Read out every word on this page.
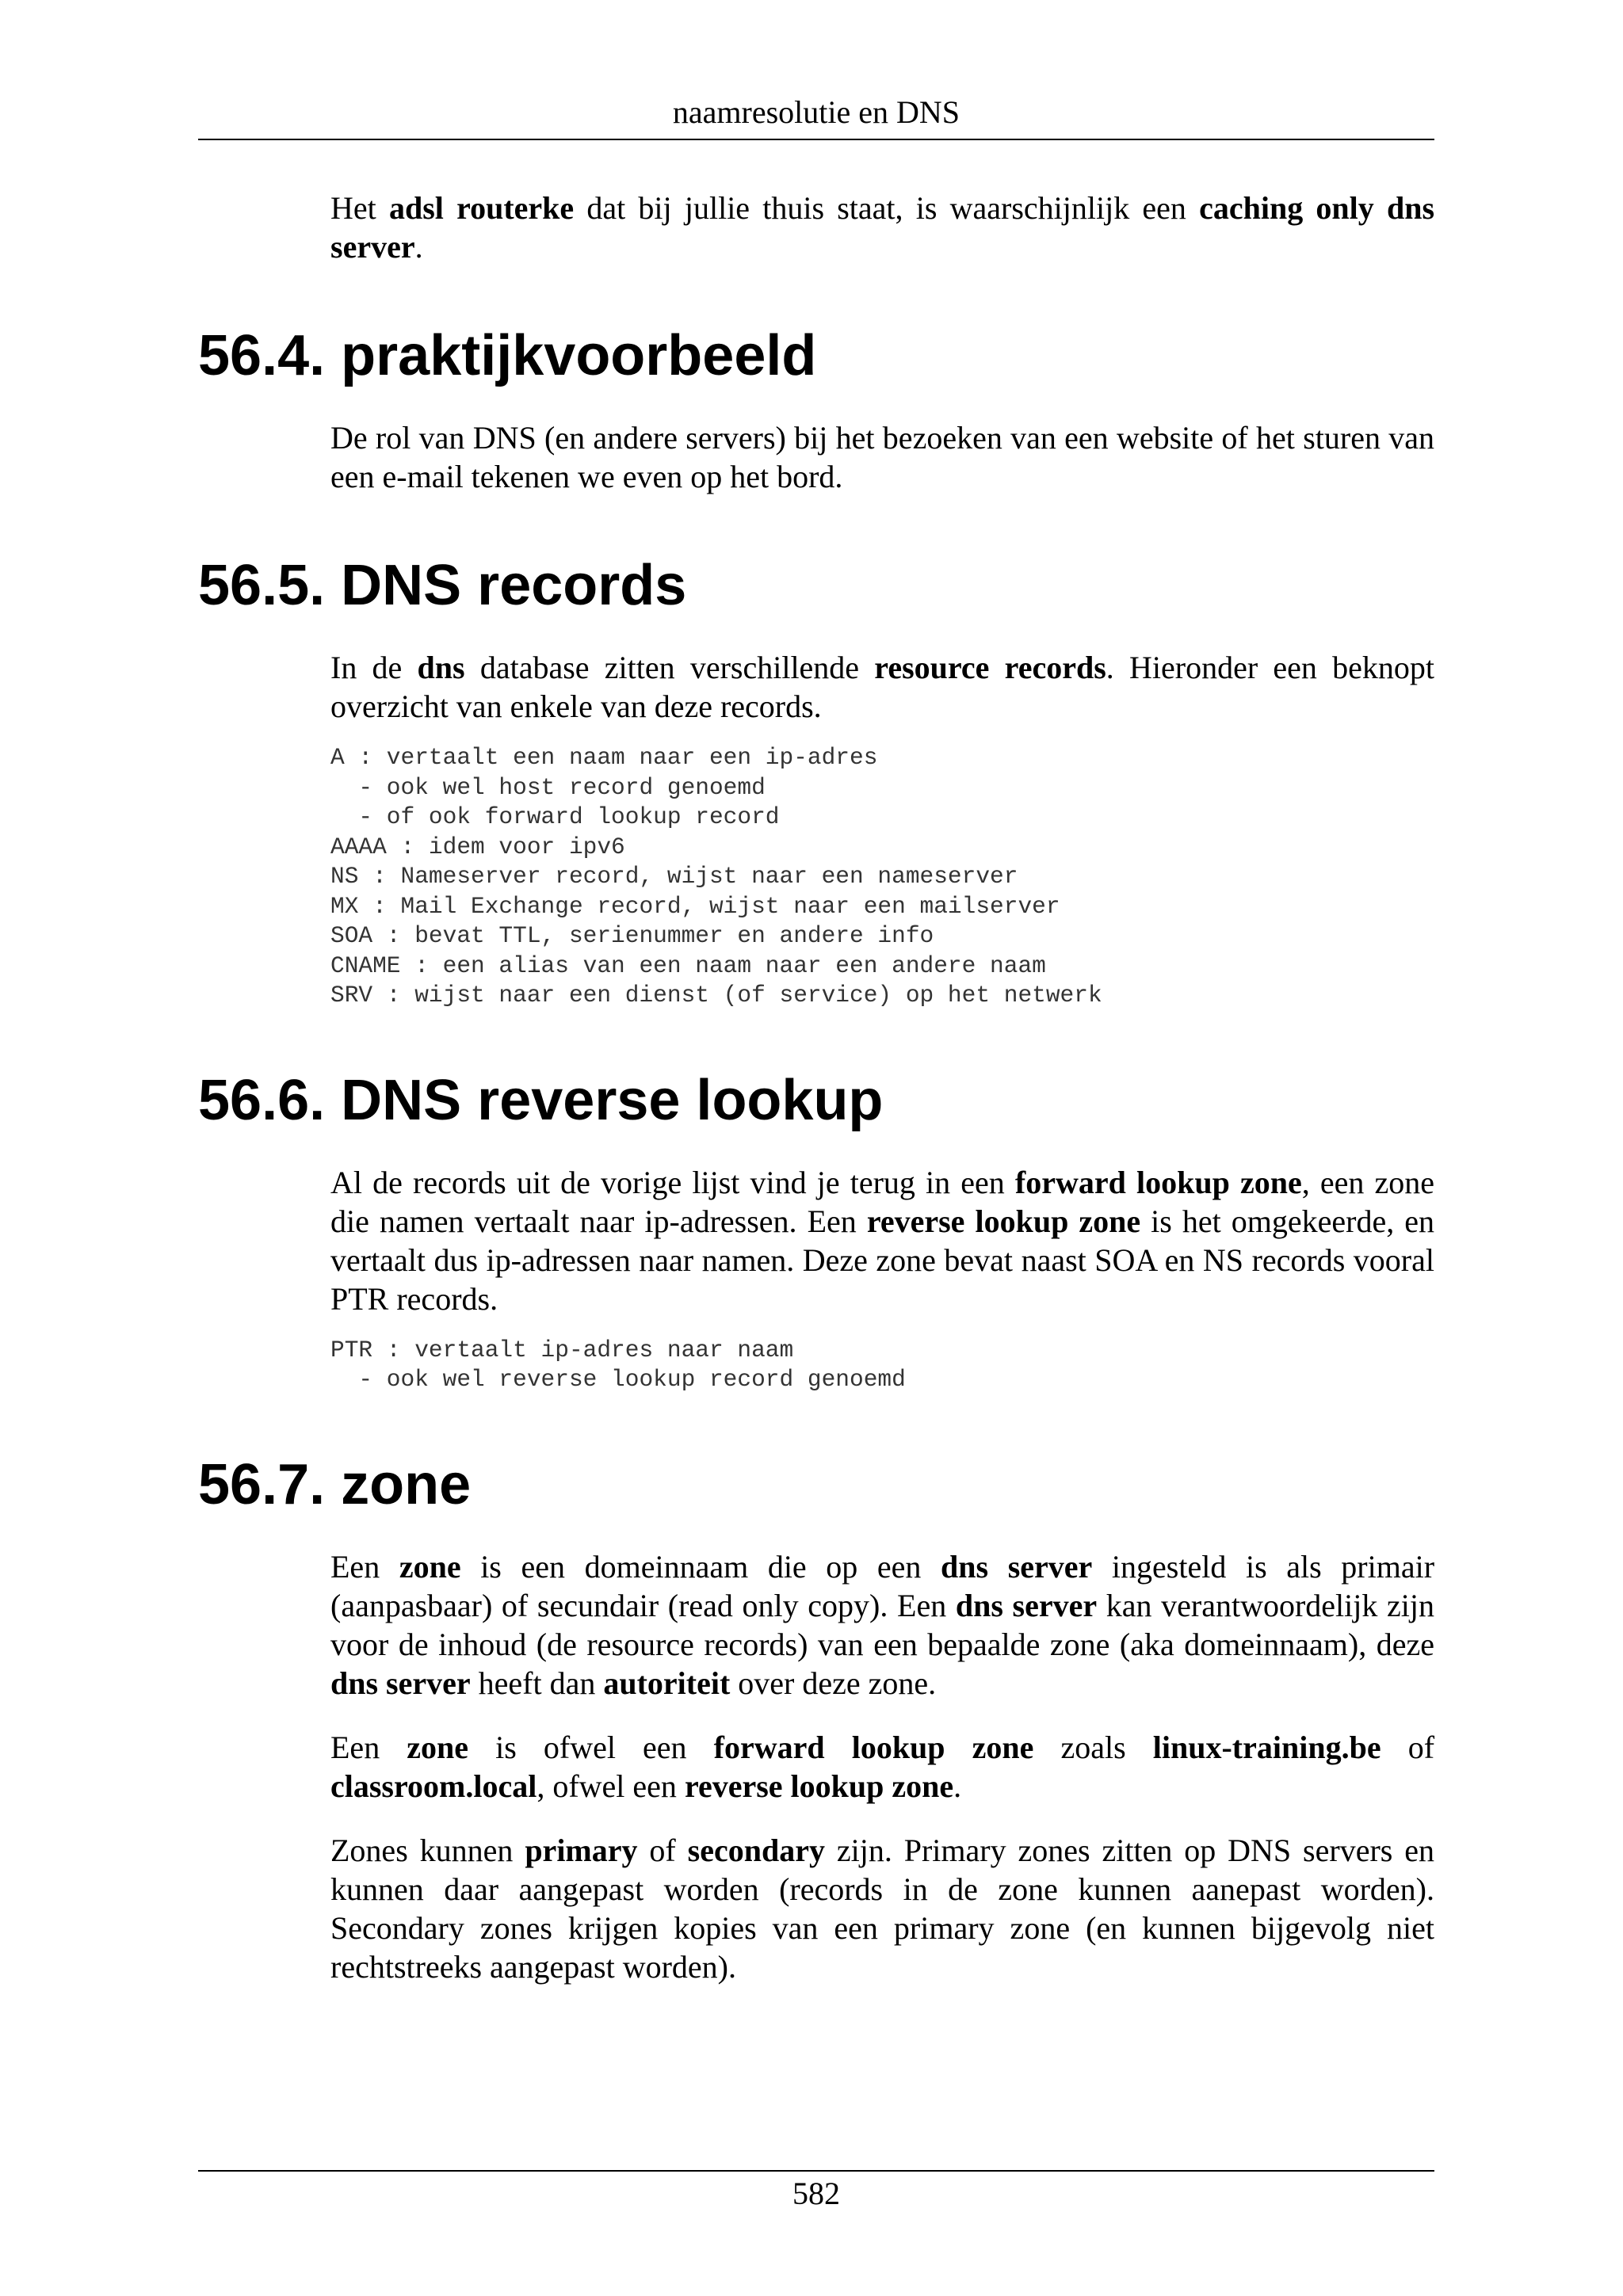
naamresolutie en DNS

Het adsl routerke dat bij jullie thuis staat, is waarschijnlijk een caching only dns server.

56.4. praktijkvoorbeeld

De rol van DNS (en andere servers) bij het bezoeken van een website of het sturen van een e-mail tekenen we even op het bord.

56.5. DNS records

In de dns database zitten verschillende resource records. Hieronder een beknopt overzicht van enkele van deze records.

A : vertaalt een naam naar een ip-adres
- ook wel host record genoemd
- of ook forward lookup record
AAAA : idem voor ipv6
NS : Nameserver record, wijst naar een nameserver
MX : Mail Exchange record, wijst naar een mailserver
SOA : bevat TTL, serienummer en andere info
CNAME : een alias van een naam naar een andere naam
SRV : wijst naar een dienst (of service) op het netwerk
56.6. DNS reverse lookup

Al de records uit de vorige lijst vind je terug in een forward lookup zone, een zone die namen vertaalt naar ip-adressen. Een reverse lookup zone is het omgekeerde, en vertaalt dus ip-adressen naar namen. Deze zone bevat naast SOA en NS records vooral PTR records.

PTR : vertaalt ip-adres naar naam
- ook wel reverse lookup record genoemd
56.7. zone

Een zone is een domeinnaam die op een dns server ingesteld is als primair (aanpasbaar) of secundair (read only copy). Een dns server kan verantwoordelijk zijn voor de inhoud (de resource records) van een bepaalde zone (aka domeinnaam), deze dns server heeft dan autoriteit over deze zone.

Een zone is ofwel een forward lookup zone zoals linux-training.be of classroom.local, ofwel een reverse lookup zone.

Zones kunnen primary of secondary zijn. Primary zones zitten op DNS servers en kunnen daar aangepast worden (records in de zone kunnen aanepast worden). Secondary zones krijgen kopies van een primary zone (en kunnen bijgevolg niet rechtstreeks aangepast worden).

582
